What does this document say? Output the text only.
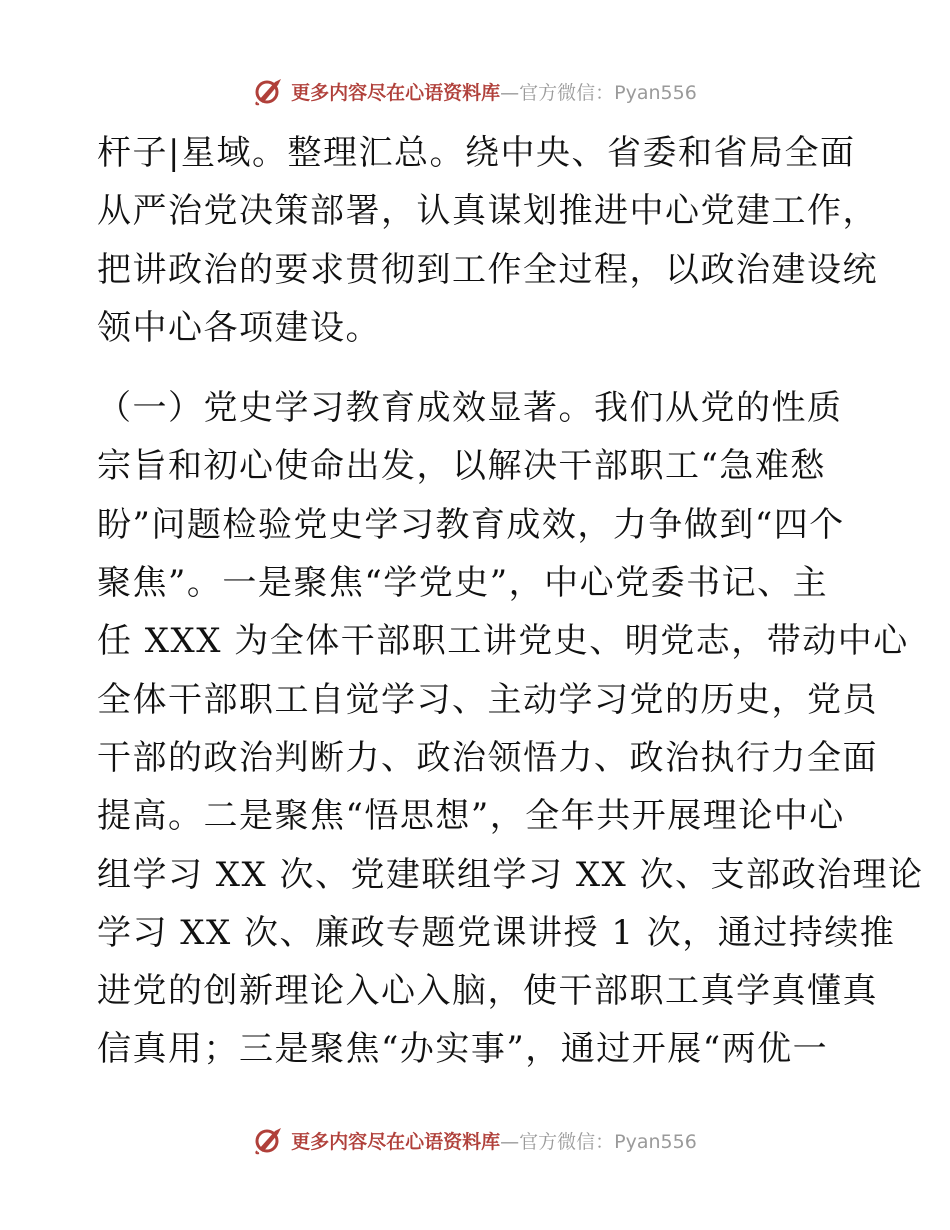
更多内容尽在心语资料库 —官方微信：Pyan556
杆子|星域。整理汇总。绕中央、省委和省局全面
从严治党决策部署，认真谋划推进中心党建工作，
把讲政治的要求贯彻到工作全过程，以政治建设统
领中心各项建设。
（一）党史学习教育成效显著。我们从党的性质
宗旨和初心使命出发，以解决干部职工“急难愁
盼”问题检验党史学习教育成效，力争做到“四个
聚焦”。一是聚焦“学党史”，中心党委书记、主
任 XXX 为全体干部职工讲党史、明党志，带动中心
全体干部职工自觉学习、主动学习党的历史，党员
干部的政治判断力、政治领悟力、政治执行力全面
提高。二是聚焦“悟思想”，全年共开展理论中心
组学习 XX 次、党建联组学习 XX 次、支部政治理论
学习 XX 次、廉政专题党课讲授 1 次，通过持续推
进党的创新理论入心入脑，使干部职工真学真懂真
信真用；三是聚焦“办实事”，通过开展“两优一
更多内容尽在心语资料库 —官方微信：Pyan556
